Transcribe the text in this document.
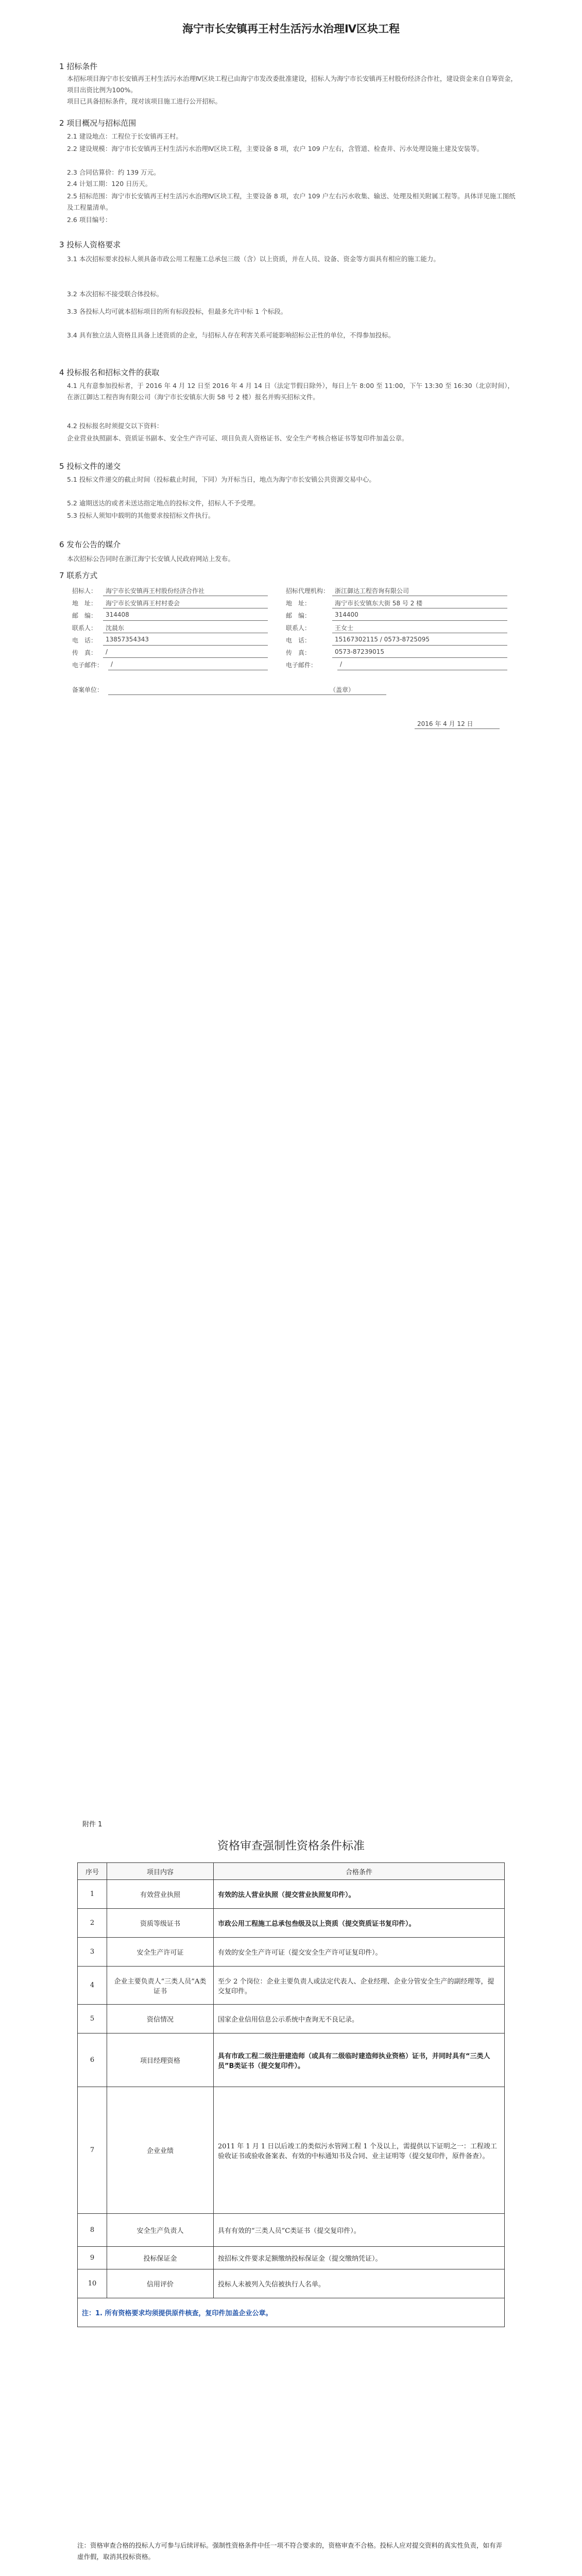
海宁市长安镇再王村生活污水治理Ⅳ区块工程
1 招标条件
本招标项目海宁市长安镇再王村生活污水治理Ⅳ区块工程已由海宁市发改委批准建设，招标人为海宁市长安镇再王村股份经济合作社，建设资金来自自筹资金，项目出资比例为100%。
项目已具备招标条件，现对该项目施工进行公开招标。
2 项目概况与招标范围
2.1 建设地点：工程位于长安镇再王村。
2.2 建设规模：海宁市长安镇再王村生活污水治理Ⅳ区块工程，主要设备 8 项，农户 109 户左右，含管道、检查井、污水处理设施土建及安装等。
2.3 合同估算价：约 139 万元。
2.4 计划工期：120 日历天。
2.5 招标范围：海宁市长安镇再王村生活污水治理Ⅳ区块工程，主要设备 8 项，农户 109 户左右污水收集、输送、处理及相关附属工程等。具体详见施工图纸及工程量清单。
2.6 项目编号：
3 投标人资格要求
3.1 本次招标要求投标人须具备市政公用工程施工总承包三级（含）以上资质，并在人员、设备、资金等方面具有相应的施工能力。
3.2 本次招标不接受联合体投标。
3.3 各投标人均可就本招标项目的所有标段投标，但最多允许中标 1 个标段。
3.4 具有独立法人资格且具备上述资质的企业，与招标人存在利害关系可能影响招标公正性的单位，不得参加投标。
4 投标报名和招标文件的获取
4.1 凡有意参加投标者，于 2016 年 4 月 12 日至 2016 年 4 月 14 日（法定节假日除外），每日上午 8:00 至 11:00，下午 13:30 至 16:30（北京时间），在浙江御达工程咨询有限公司（海宁市长安镇东大街 58 号 2 楼）报名并购买招标文件。
4.2 投标报名时须提交以下资料：
企业营业执照副本、资质证书副本、安全生产许可证、项目负责人资格证书、安全生产考核合格证书等复印件加盖公章。
5 投标文件的递交
5.1 投标文件递交的截止时间（投标截止时间，下同）为开标当日，地点为海宁市长安镇公共资源交易中心。
5.2 逾期送达的或者未送达指定地点的投标文件，招标人不予受理。
5.3 投标人须知中载明的其他要求按招标文件执行。
6 发布公告的媒介
本次招标公告同时在浙江海宁长安镇人民政府网站上发布。
7 联系方式
招标人： 海宁市长安镇再王村股份经济合作社
地　址： 海宁市长安镇再王村村委会
邮　编： 314408
联系人： 沈晨东
电　话： 13857354343
传　真： /
电子邮件： /
招标代理机构： 浙江御达工程咨询有限公司
地　址：	海宁市长安镇东大街 58 号 2 楼
邮　编：	314400
联系人：	王女士
电　话：	15167302115 / 0573-8725095
传　真：	0573-87239015
电子邮件：	/
备案单位：	（盖章）
2016 年 4 月 12 日
附件 1
资格审查强制性资格条件标准
序号	项目内容	合格条件
1	有效营业执照	有效的法人营业执照（提交营业执照复印件）。
2	资质等级证书	市政公用工程施工总承包叁级及以上资质（提交资质证书复印件）。
3	安全生产许可证	有效的安全生产许可证（提交安全生产许可证复印件）。
4	企业主要负责人“三类人员”A类证书	至少 2 个岗位：企业主要负责人或法定代表人、企业经理、企业分管安全生产的副经理等，提交复印件。
5	资信情况	国家企业信用信息公示系统中查询无不良记录。
6	项目经理资格	具有市政工程二级注册建造师（或具有二级临时建造师执业资格）证书，并同时具有“三类人员”B类证书（提交复印件）。
7	企业业绩	2011 年 1 月 1 日以后竣工的类似污水管网工程 1 个及以上，需提供以下证明之一：工程竣工验收证书或验收备案表、有效的中标通知书及合同、业主证明等（提交复印件，原件备查）。
8	安全生产负责人	具有有效的“三类人员”C类证书（提交复印件）。
9	投标保证金	按招标文件要求足额缴纳投标保证金（提交缴纳凭证）。
10	信用评价	投标人未被列入失信被执行人名单。
注：1. 所有资格要求均须提供原件核查，复印件加盖企业公章。		
注：资格审查合格的投标人方可参与后续评标。强制性资格条件中任一项不符合要求的，资格审查不合格。投标人应对提交资料的真实性负责，如有弄虚作假，取消其投标资格。
